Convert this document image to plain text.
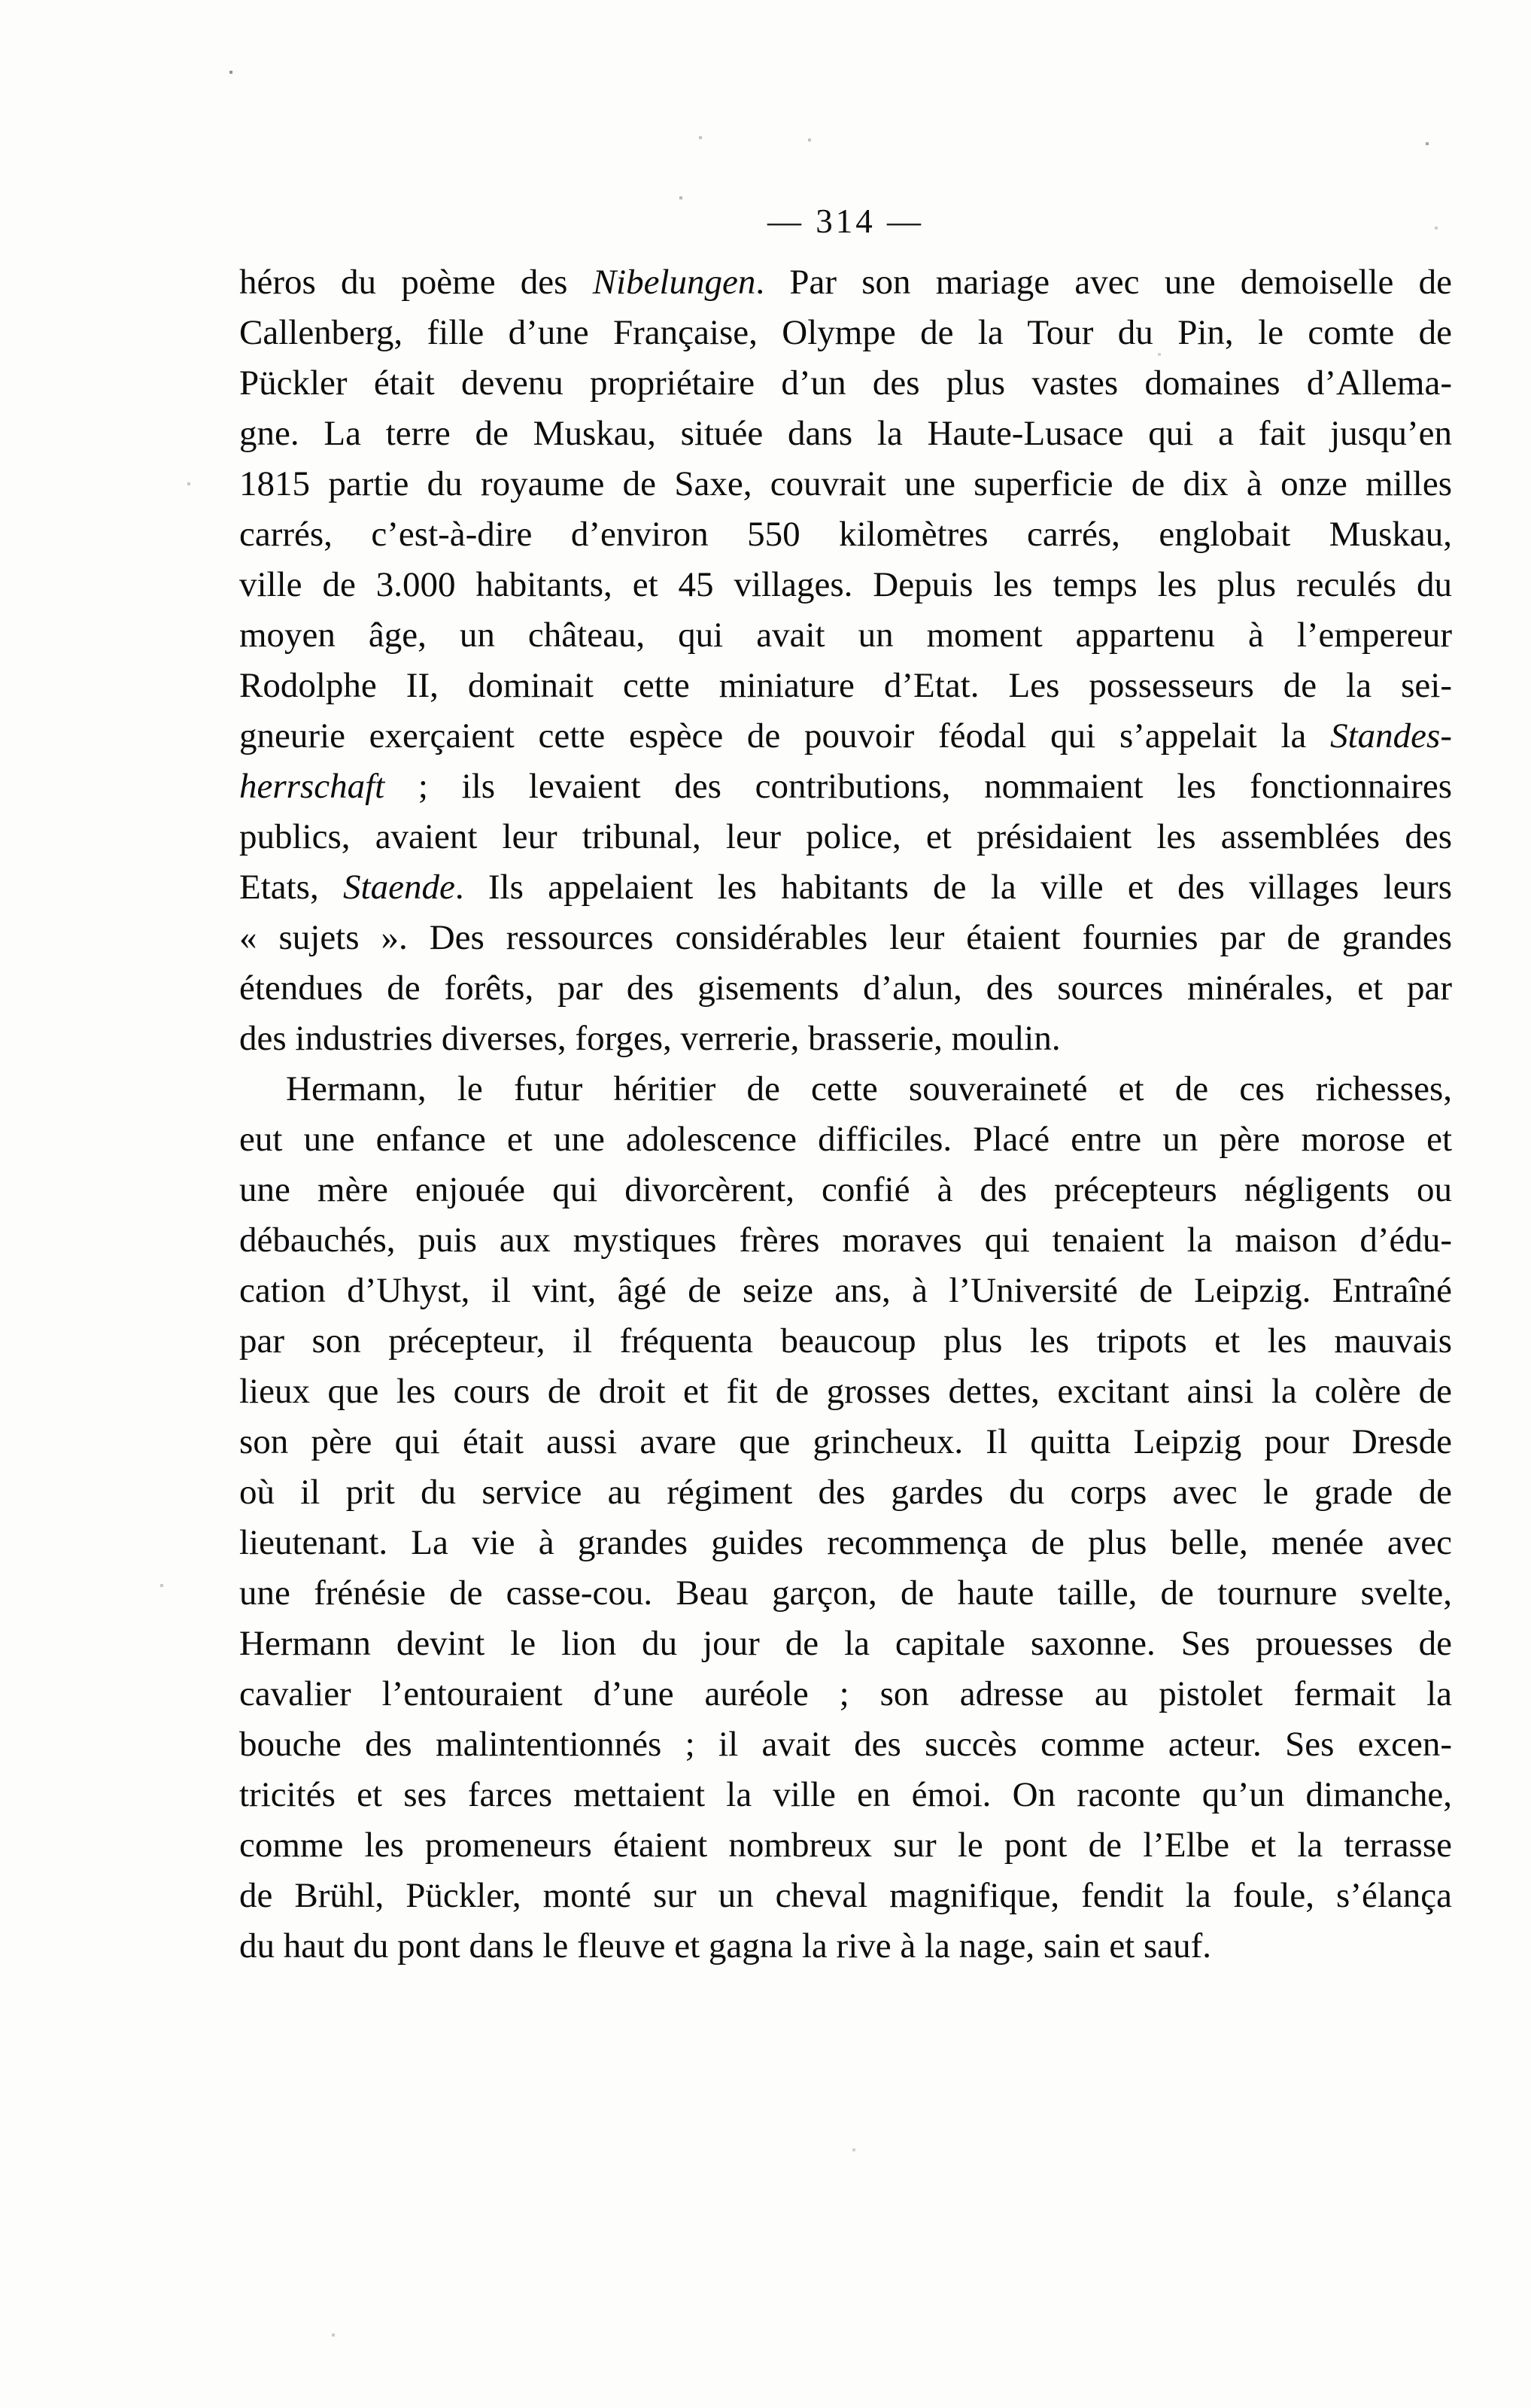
— 314 —
héros du poème des Nibelungen. Par son mariage avec une demoiselle de
Callenberg, fille d’une Française, Olympe de la Tour du Pin, le comte de
Pückler était devenu propriétaire d’un des plus vastes domaines d’Allema-
gne. La terre de Muskau, située dans la Haute-Lusace qui a fait jusqu’en
1815 partie du royaume de Saxe, couvrait une superficie de dix à onze milles
carrés, c’est-à-dire d’environ 550 kilomètres carrés, englobait Muskau,
ville de 3.000 habitants, et 45 villages. Depuis les temps les plus reculés du
moyen âge, un château, qui avait un moment appartenu à l’empereur
Rodolphe II, dominait cette miniature d’Etat. Les possesseurs de la sei-
gneurie exerçaient cette espèce de pouvoir féodal qui s’appelait la Standes-
herrschaft ; ils levaient des contributions, nommaient les fonctionnaires
publics, avaient leur tribunal, leur police, et présidaient les assemblées des
Etats, Staende. Ils appelaient les habitants de la ville et des villages leurs
« sujets ». Des ressources considérables leur étaient fournies par de grandes
étendues de forêts, par des gisements d’alun, des sources minérales, et par
des industries diverses, forges, verrerie, brasserie, moulin.
Hermann, le futur héritier de cette souveraineté et de ces richesses,
eut une enfance et une adolescence difficiles. Placé entre un père morose et
une mère enjouée qui divorcèrent, confié à des précepteurs négligents ou
débauchés, puis aux mystiques frères moraves qui tenaient la maison d’édu-
cation d’Uhyst, il vint, âgé de seize ans, à l’Université de Leipzig. Entraîné
par son précepteur, il fréquenta beaucoup plus les tripots et les mauvais
lieux que les cours de droit et fit de grosses dettes, excitant ainsi la colère de
son père qui était aussi avare que grincheux. Il quitta Leipzig pour Dresde
où il prit du service au régiment des gardes du corps avec le grade de
lieutenant. La vie à grandes guides recommença de plus belle, menée avec
une frénésie de casse-cou. Beau garçon, de haute taille, de tournure svelte,
Hermann devint le lion du jour de la capitale saxonne. Ses prouesses de
cavalier l’entouraient d’une auréole ; son adresse au pistolet fermait la
bouche des malintentionnés ; il avait des succès comme acteur. Ses excen-
tricités et ses farces mettaient la ville en émoi. On raconte qu’un dimanche,
comme les promeneurs étaient nombreux sur le pont de l’Elbe et la terrasse
de Brühl, Pückler, monté sur un cheval magnifique, fendit la foule, s’élança
du haut du pont dans le fleuve et gagna la rive à la nage, sain et sauf.
